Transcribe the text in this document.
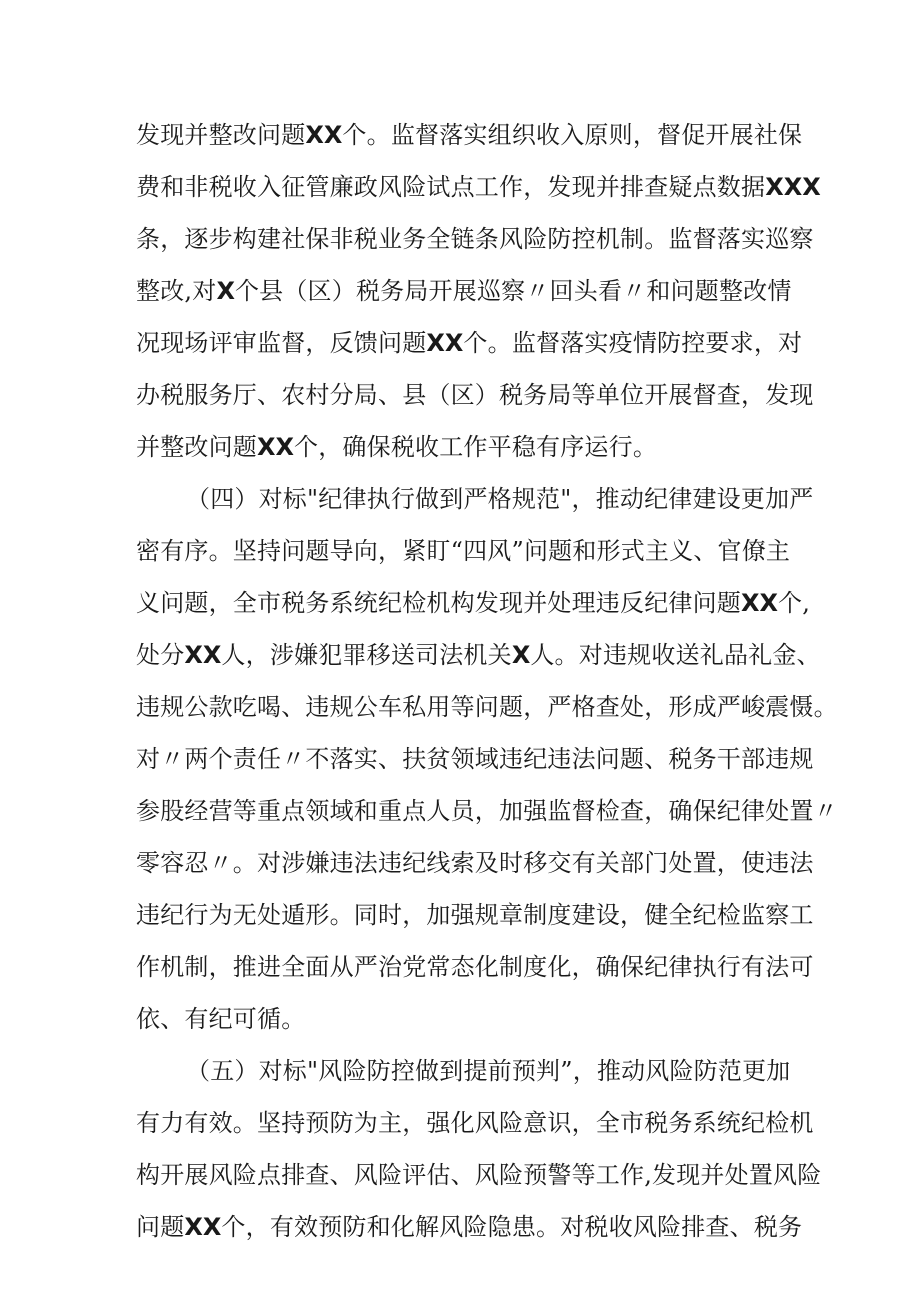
发现并整改问题XX个。监督落实组织收入原则，督促开展社保
费和非税收入征管廉政风险试点工作，发现并排查疑点数据XXX
条，逐步构建社保非税业务全链条风险防控机制。监督落实巡察
整改,对X个县（区）税务局开展巡察〃回头看〃和问题整改情
况现场评审监督，反馈问题XX个。监督落实疫情防控要求，对
办税服务厅、农村分局、县（区）税务局等单位开展督查，发现
并整改问题XX个，确保税收工作平稳有序运行。
（四）对标"纪律执行做到严格规范"，推动纪律建设更加严
密有序。坚持问题导向，紧盯“四风”问题和形式主义、官僚主
义问题，全市税务系统纪检机构发现并处理违反纪律问题XX个,
处分XX人，涉嫌犯罪移送司法机关X人。对违规收送礼品礼金、
违规公款吃喝、违规公车私用等问题，严格查处，形成严峻震慑。
对〃两个责任〃不落实、扶贫领域违纪违法问题、税务干部违规
参股经营等重点领域和重点人员，加强监督检查，确保纪律处置〃
零容忍〃。对涉嫌违法违纪线索及时移交有关部门处置，使违法
违纪行为无处遁形。同时，加强规章制度建设，健全纪检监察工
作机制，推进全面从严治党常态化制度化，确保纪律执行有法可
依、有纪可循。
（五）对标"风险防控做到提前预判”，推动风险防范更加
有力有效。坚持预防为主，强化风险意识，全市税务系统纪检机
构开展风险点排查、风险评估、风险预警等工作,发现并处置风险
问题XX个，有效预防和化解风险隐患。对税收风险排查、税务
